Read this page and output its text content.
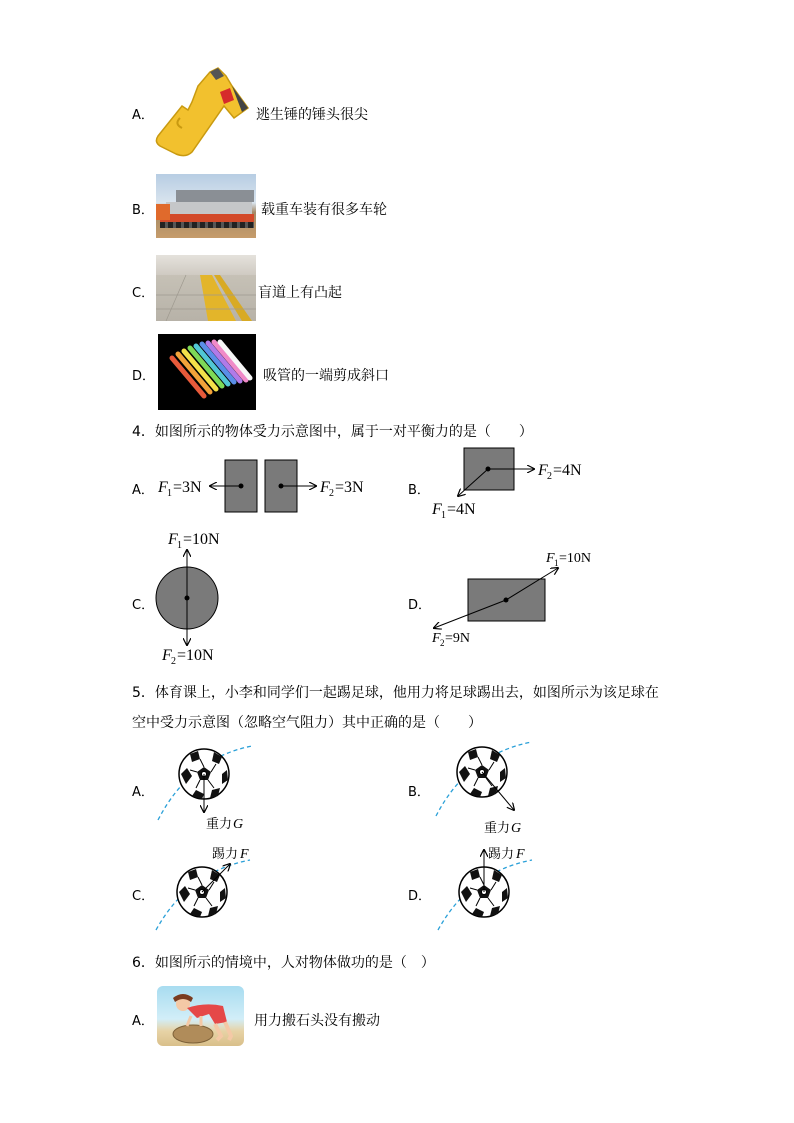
A．	逃生锤的锤头很尖
B．	载重车装有很多车轮
C．	盲道上有凸起
D．	吸管的一端剪成斜口
4．如图所示的物体受力示意图中，属于一对平衡力的是（　　）
A． F 1 =3N	F 2 =3N	B．
F 2 =4N
F 1 =4N
C．
F 1 =10N
F 2 =10N
D．
F 1 =10N
F 2 =9N
5．体育课上，小李和同学们一起踢足球，他用力将足球踢出去，如图所示为该足球在
空中受力示意图（忽略空气阻力）其中正确的是（　　）
A．
重力 G
B．
重力 G
C．
踢力 F
D．
踢力 F
6．如图所示的情境中，人对物体做功的是（　）
A．	用力搬石头没有搬动
